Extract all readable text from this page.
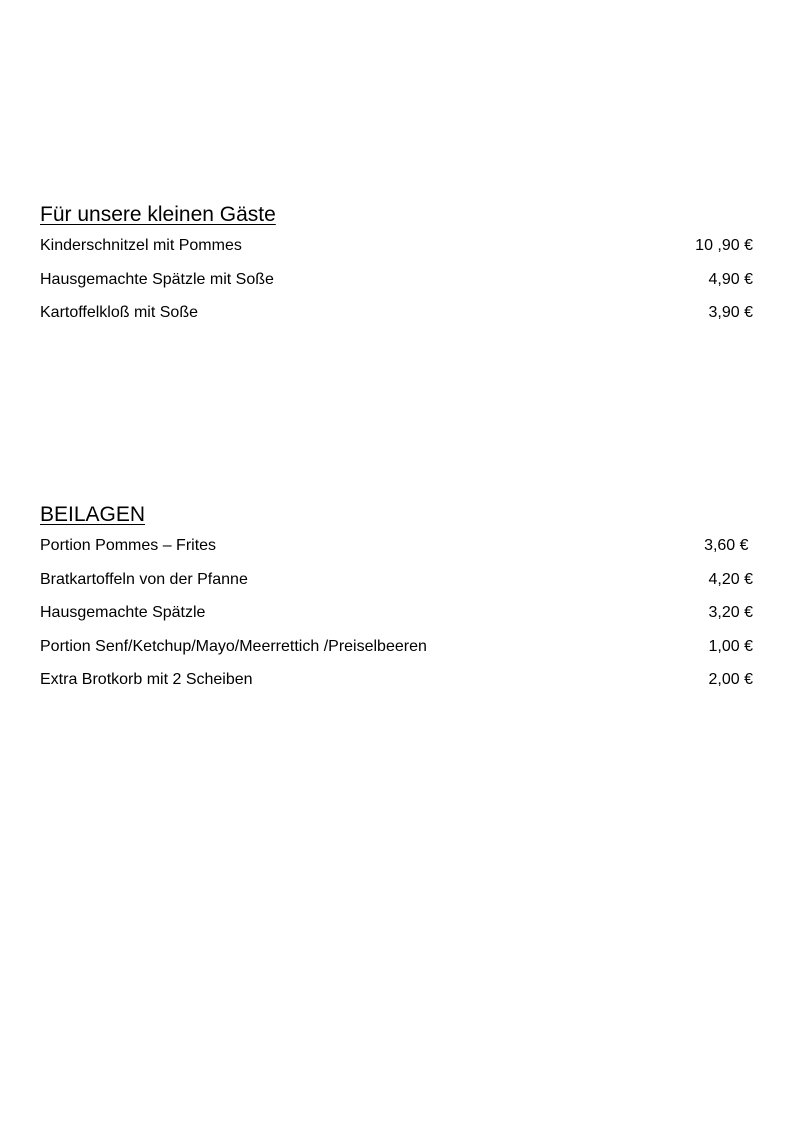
Für unsere kleinen Gäste
Kinderschnitzel mit Pommes	10 ,90 €
Hausgemachte Spätzle mit Soße	4,90 €
Kartoffelkloß mit Soße	3,90 €
BEILAGEN
Portion Pommes – Frites	3,60 €
Bratkartoffeln von der Pfanne	4,20 €
Hausgemachte Spätzle	3,20 €
Portion Senf/Ketchup/Mayo/Meerrettich /Preiselbeeren	1,00 €
Extra Brotkorb mit 2 Scheiben	2,00 €
